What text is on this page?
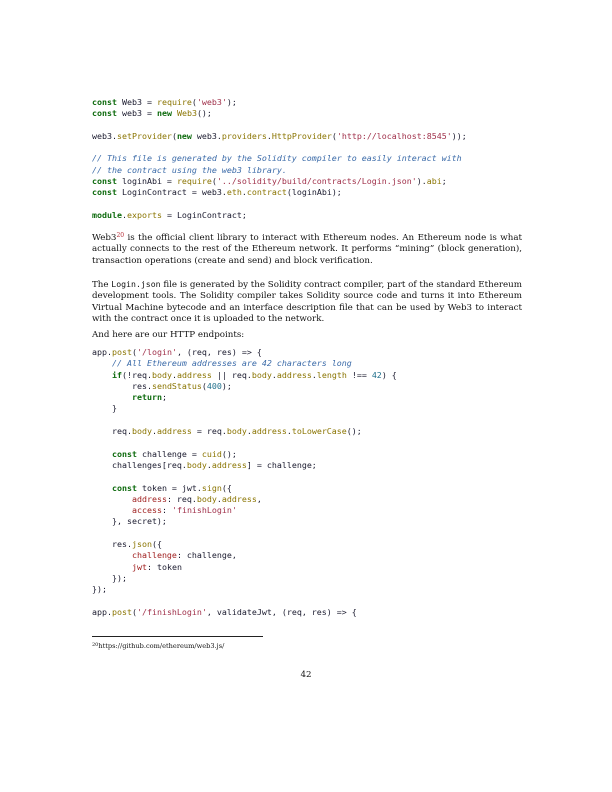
const Web3 = require('web3');
const web3 = new Web3();
web3.setProvider(new web3.providers.HttpProvider('http://localhost:8545'));
// This file is generated by the Solidity compiler to easily interact with
// the contract using the web3 library.
const loginAbi = require('../solidity/build/contracts/Login.json').abi;
const LoginContract = web3.eth.contract(loginAbi);
module.exports = LoginContract;

$Web3^{20}$ is the official client library to interact with Ethereum nodes. An Ethereum node is what actually connects to the rest of the Ethereum network. It performs “mining” (block generation), transaction operations (create and send) and block verification.

The Login.json file is generated by the Solidity contract compiler, part of the standard Ethereum development tools. The Solidity compiler takes Solidity source code and turns it into Ethereum Virtual Machine bytecode and an interface description file that can be used by Web3 to interact with the contract once it is uploaded to the network.

And here are our HTTP endpoints:

app.post('/login', (req, res) => {
// All Ethereum addresses are 42 characters long
if(!req.body.address || req.body.address.length !== 42) {
res.sendStatus(400);
return;
}
req.body.address = req.body.address.toLowerCase();
const challenge = cuid();
challenges[req.body.address] = challenge;
const token = jwt.sign({
address: req.body.address,
access: 'finishLogin'
}, secret);
res.json({
challenge: challenge,
jwt: token
});
});
app.post('/finishLogin', validateJwt, (req, res) => {

$^{20}$https://github.com/ethereum/web3.js/

42
